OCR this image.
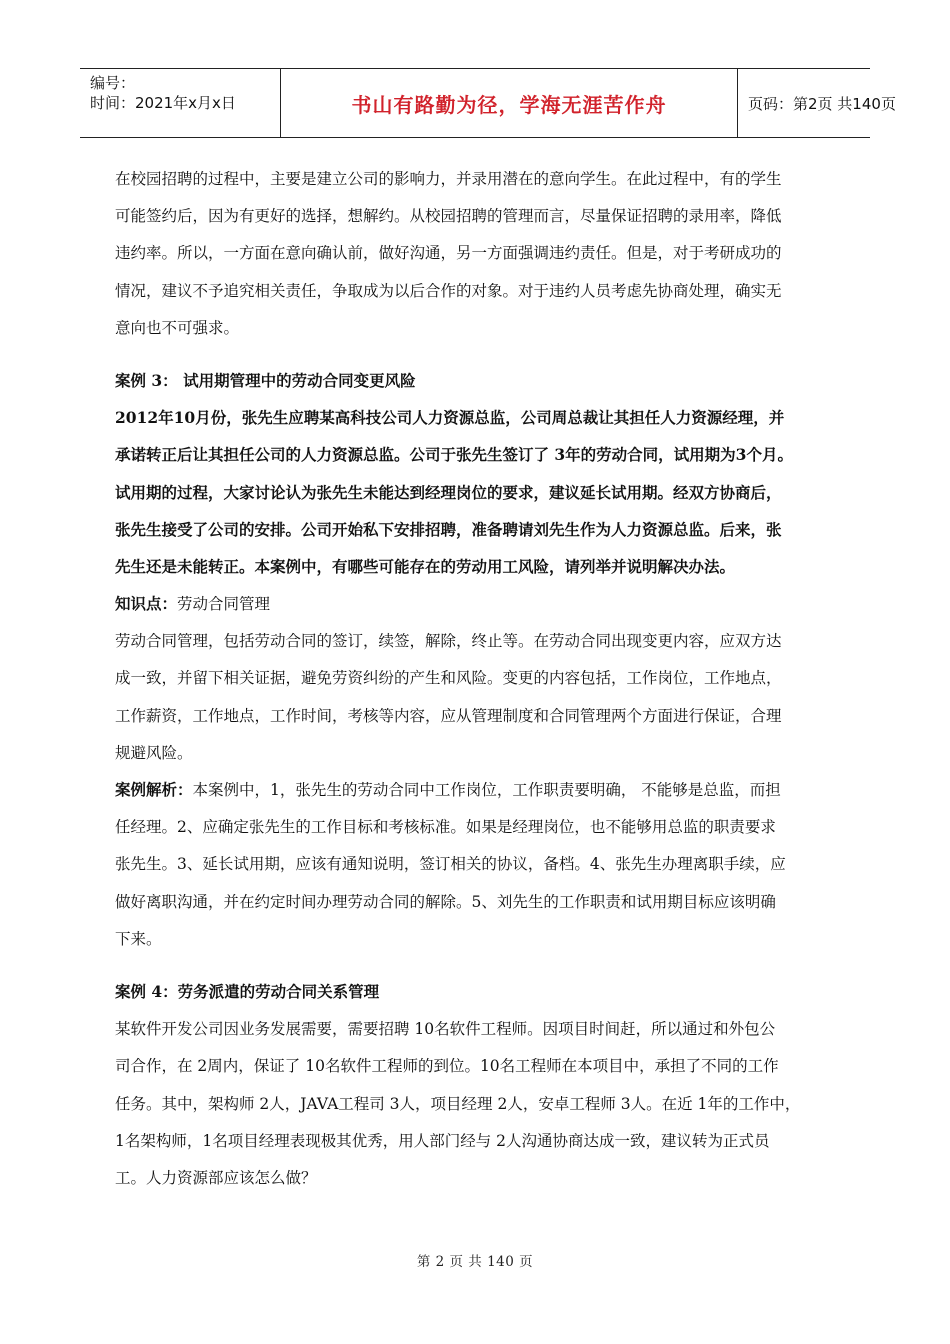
编号：
时间：2021年x月x日	书山有路勤为径，学海无涯苦作舟	页码：第2页 共140页
在校园招聘的过程中，主要是建立公司的影响力，并录用潜在的意向学生。在此过程中，有的学生
可能签约后，因为有更好的选择，想解约。从校园招聘的管理而言，尽量保证招聘的录用率，降低
违约率。所以，一方面在意向确认前，做好沟通，另一方面强调违约责任。但是，对于考研成功的
情况，建议不予追究相关责任，争取成为以后合作的对象。对于违约人员考虑先协商处理，确实无
意向也不可强求。
案例 3： 试用期管理中的劳动合同变更风险
2012年10月份，张先生应聘某高科技公司人力资源总监，公司周总裁让其担任人力资源经理，并
承诺转正后让其担任公司的人力资源总监。公司于张先生签订了 3年的劳动合同，试用期为3个月。
试用期的过程，大家讨论认为张先生未能达到经理岗位的要求，建议延长试用期。经双方协商后，
张先生接受了公司的安排。公司开始私下安排招聘，准备聘请刘先生作为人力资源总监。后来，张
先生还是未能转正。本案例中，有哪些可能存在的劳动用工风险，请列举并说明解决办法。
知识点：劳动合同管理
劳动合同管理，包括劳动合同的签订，续签，解除，终止等。在劳动合同出现变更内容，应双方达
成一致，并留下相关证据，避免劳资纠纷的产生和风险。变更的内容包括，工作岗位，工作地点，
工作薪资，工作地点，工作时间，考核等内容，应从管理制度和合同管理两个方面进行保证，合理
规避风险。
案例解析：本案例中，1，张先生的劳动合同中工作岗位，工作职责要明确， 不能够是总监，而担
任经理。2、应确定张先生的工作目标和考核标准。如果是经理岗位，也不能够用总监的职责要求
张先生。3、延长试用期，应该有通知说明，签订相关的协议，备档。4、张先生办理离职手续，应
做好离职沟通，并在约定时间办理劳动合同的解除。5、刘先生的工作职责和试用期目标应该明确
下来。
案例 4：劳务派遣的劳动合同关系管理
某软件开发公司因业务发展需要，需要招聘 10名软件工程师。因项目时间赶，所以通过和外包公
司合作，在 2周内，保证了 10名软件工程师的到位。10名工程师在本项目中，承担了不同的工作
任务。其中，架构师 2人，JAVA工程司 3人，项目经理 2人，安卓工程师 3人。在近 1年的工作中，
1名架构师，1名项目经理表现极其优秀，用人部门经与 2人沟通协商达成一致，建议转为正式员
工。人力资源部应该怎么做？
第 2 页 共 140 页
